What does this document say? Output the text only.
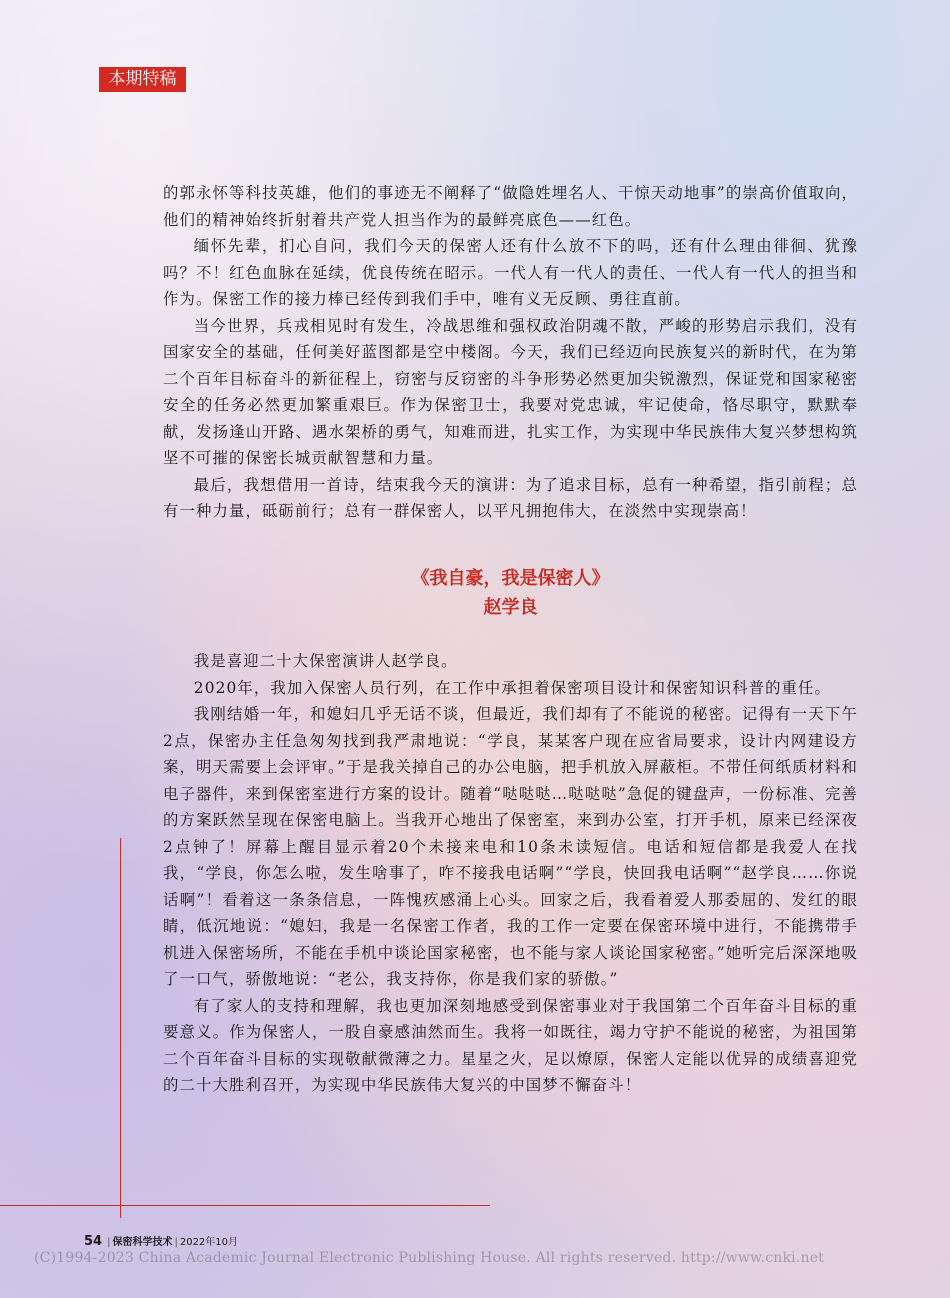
本期特稿

的郭永怀等科技英雄，他们的事迹无不阐释了“做隐姓埋名人、干惊天动地事”的崇高价值取向，他们的精神始终折射着共产党人担当作为的最鲜亮底色——红色。

缅怀先辈，扪心自问，我们今天的保密人还有什么放不下的吗，还有什么理由徘徊、犹豫吗？不！红色血脉在延续，优良传统在昭示。一代人有一代人的责任、一代人有一代人的担当和作为。保密工作的接力棒已经传到我们手中，唯有义无反顾、勇往直前。

当今世界，兵戎相见时有发生，冷战思维和强权政治阴魂不散，严峻的形势启示我们，没有国家安全的基础，任何美好蓝图都是空中楼阁。今天，我们已经迈向民族复兴的新时代，在为第二个百年目标奋斗的新征程上，窃密与反窃密的斗争形势必然更加尖锐激烈，保证党和国家秘密安全的任务必然更加繁重艰巨。作为保密卫士，我要对党忠诚，牢记使命，恪尽职守，默默奉献，发扬逢山开路、遇水架桥的勇气，知难而进，扎实工作，为实现中华民族伟大复兴梦想构筑坚不可摧的保密长城贡献智慧和力量。

最后，我想借用一首诗，结束我今天的演讲：为了追求目标，总有一种希望，指引前程；总有一种力量，砥砺前行；总有一群保密人，以平凡拥抱伟大，在淡然中实现崇高！

《我自豪，我是保密人》
赵学良

我是喜迎二十大保密演讲人赵学良。

2020年，我加入保密人员行列，在工作中承担着保密项目设计和保密知识科普的重任。

我刚结婚一年，和媳妇几乎无话不谈，但最近，我们却有了不能说的秘密。记得有一天下午2点，保密办主任急匆匆找到我严肃地说：“学良，某某客户现在应省局要求，设计内网建设方案，明天需要上会评审。”于是我关掉自己的办公电脑，把手机放入屏蔽柜。不带任何纸质材料和电子器件，来到保密室进行方案的设计。随着“哒哒哒…哒哒哒”急促的键盘声，一份标准、完善的方案跃然呈现在保密电脑上。当我开心地出了保密室，来到办公室，打开手机，原来已经深夜2点钟了！屏幕上醒目显示着20个未接来电和10条未读短信。电话和短信都是我爱人在找我，“学良，你怎么啦，发生啥事了，咋不接我电话啊”“学良，快回我电话啊”“赵学良……你说话啊”！看着这一条条信息，一阵愧疚感涌上心头。回家之后，我看着爱人那委屈的、发红的眼睛，低沉地说：“媳妇，我是一名保密工作者，我的工作一定要在保密环境中进行，不能携带手机进入保密场所，不能在手机中谈论国家秘密，也不能与家人谈论国家秘密。”她听完后深深地吸了一口气，骄傲地说：“老公，我支持你，你是我们家的骄傲。”

有了家人的支持和理解，我也更加深刻地感受到保密事业对于我国第二个百年奋斗目标的重要意义。作为保密人，一股自豪感油然而生。我将一如既往，竭力守护不能说的秘密，为祖国第二个百年奋斗目标的实现敬献微薄之力。星星之火，足以燎原，保密人定能以优异的成绩喜迎党的二十大胜利召开，为实现中华民族伟大复兴的中国梦不懈奋斗！

54 | 保密科学技术 | 2022年10月
(C)1994-2023 China Academic Journal Electronic Publishing House. All rights reserved. http://www.cnki.net
